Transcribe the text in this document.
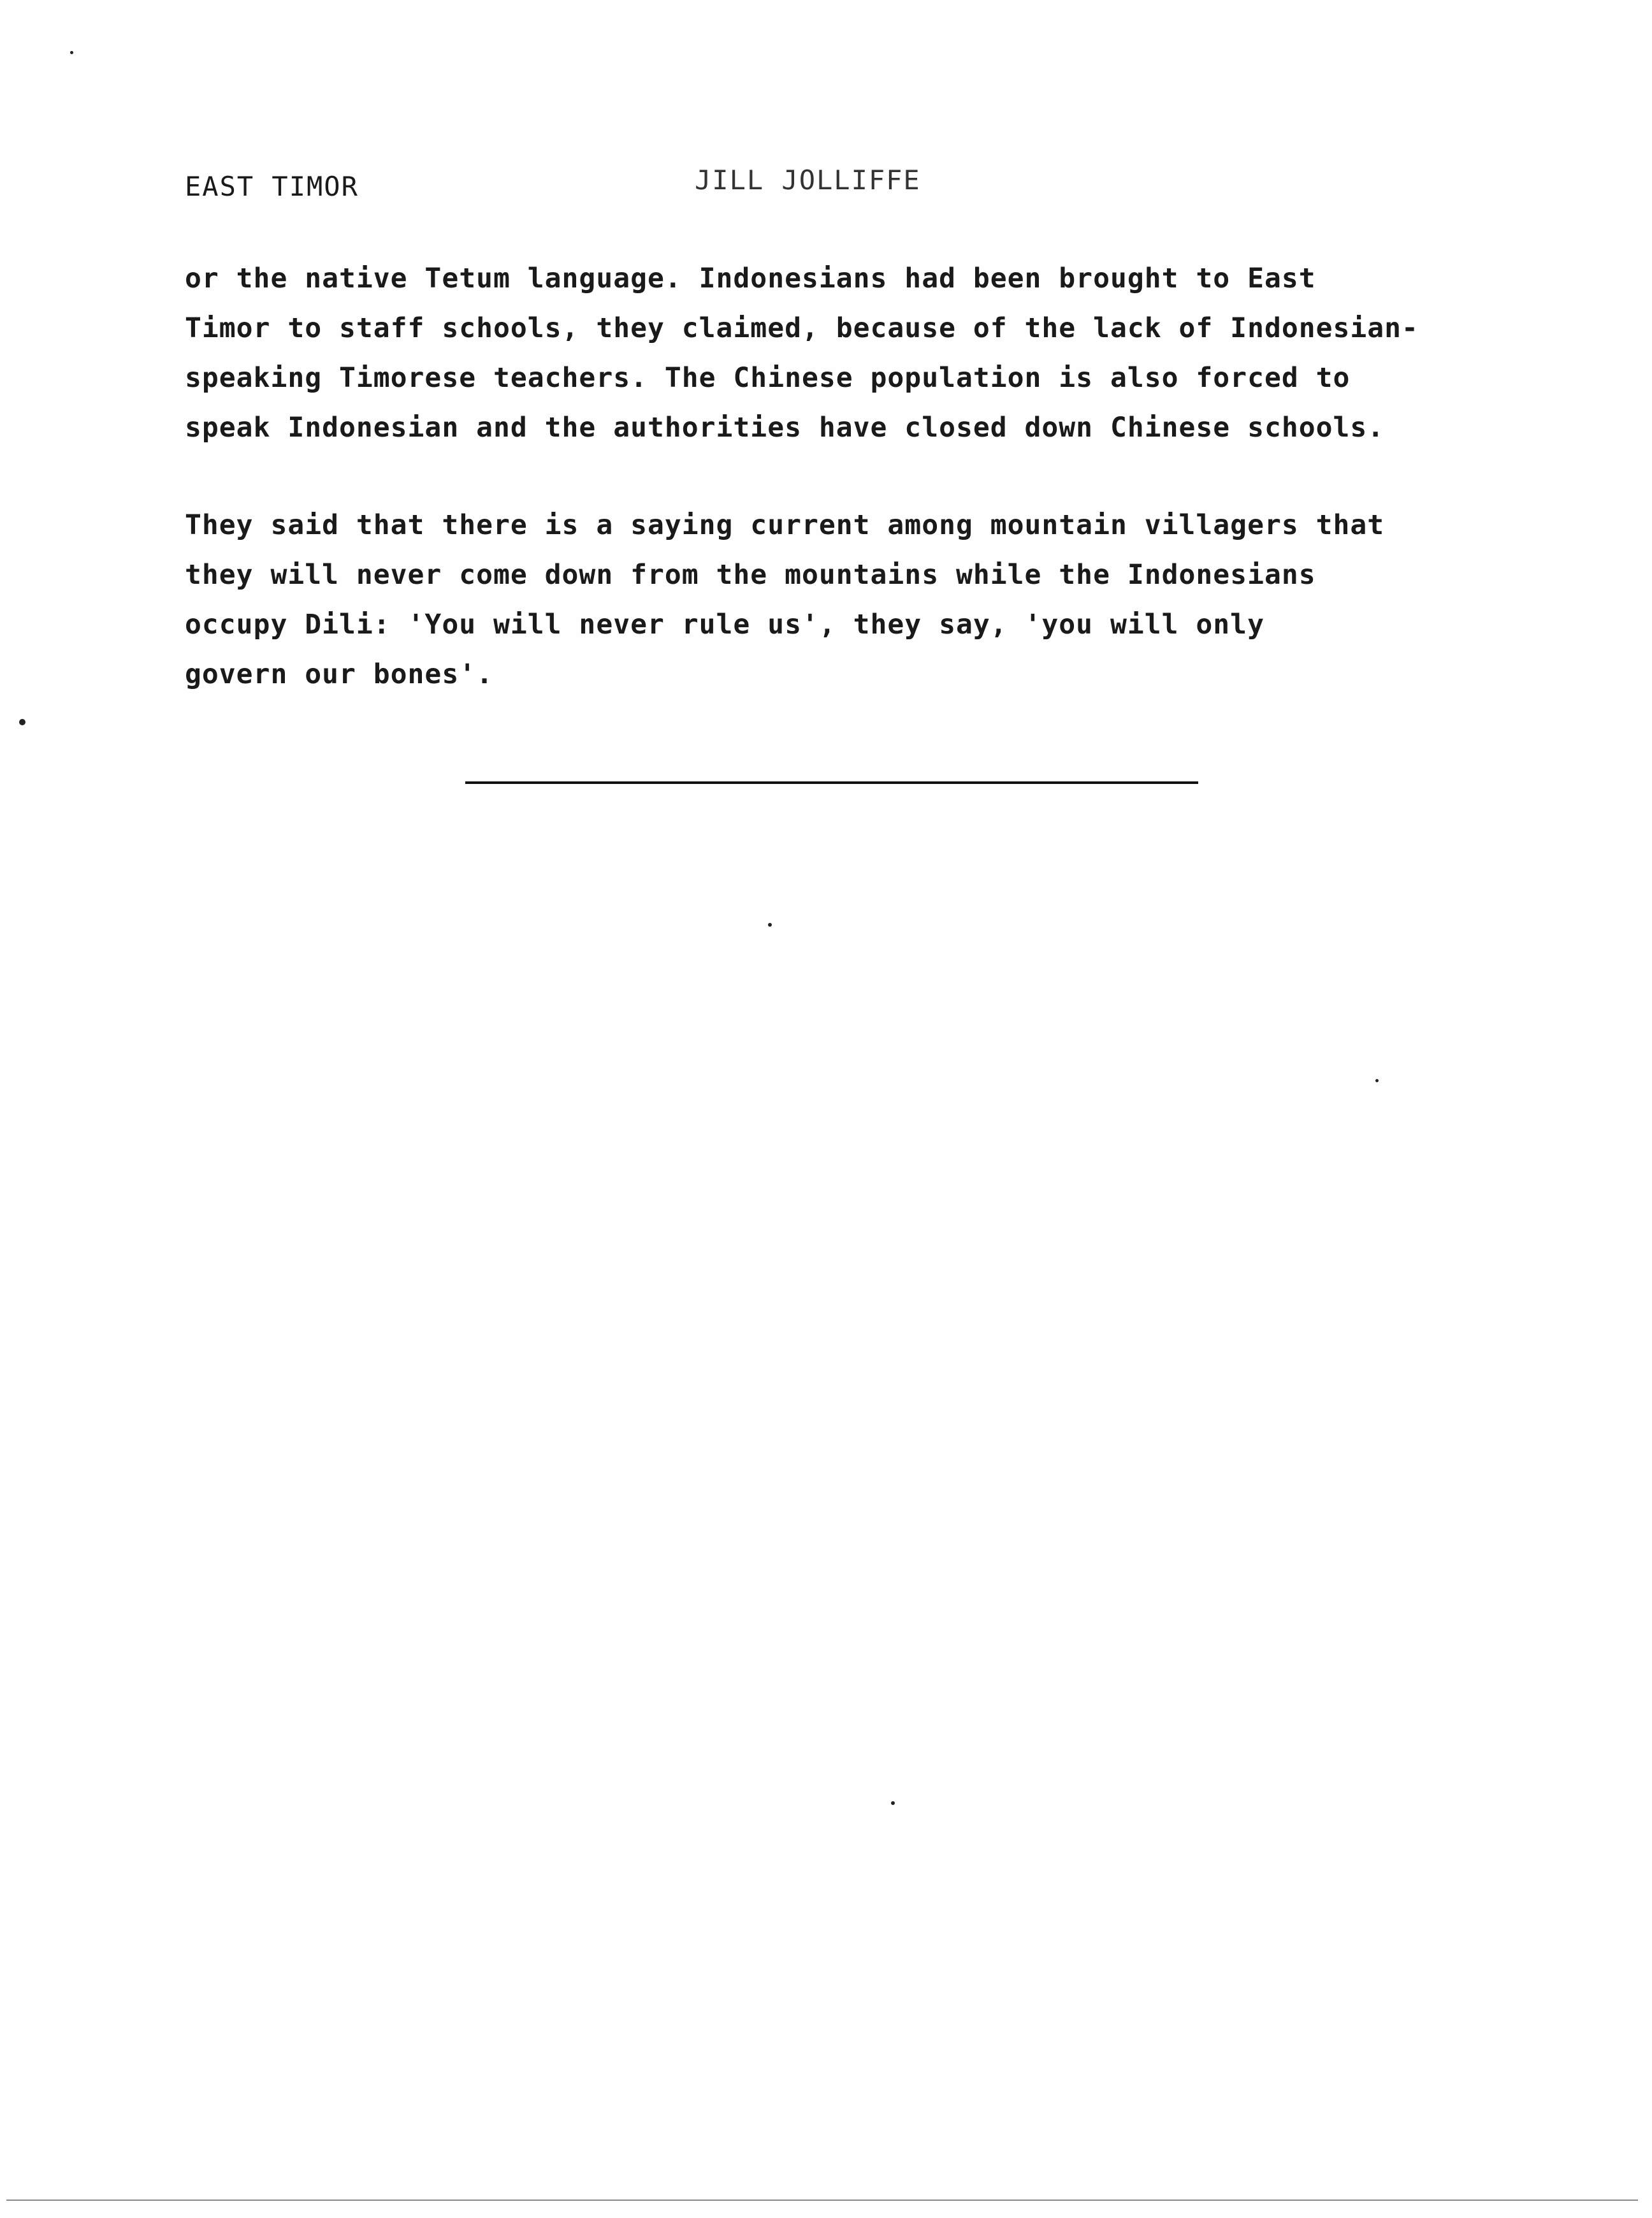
EAST TIMOR	JILL JOLLIFFE
or the native Tetum language. Indonesians had been brought to East
Timor to staff schools, they claimed, because of the lack of Indonesian-
speaking Timorese teachers. The Chinese population is also forced to
speak Indonesian and the authorities have closed down Chinese schools.
They said that there is a saying current among mountain villagers that
they will never come down from the mountains while the Indonesians
occupy Dili: 'You will never rule us', they say, 'you will only
govern our bones'.
